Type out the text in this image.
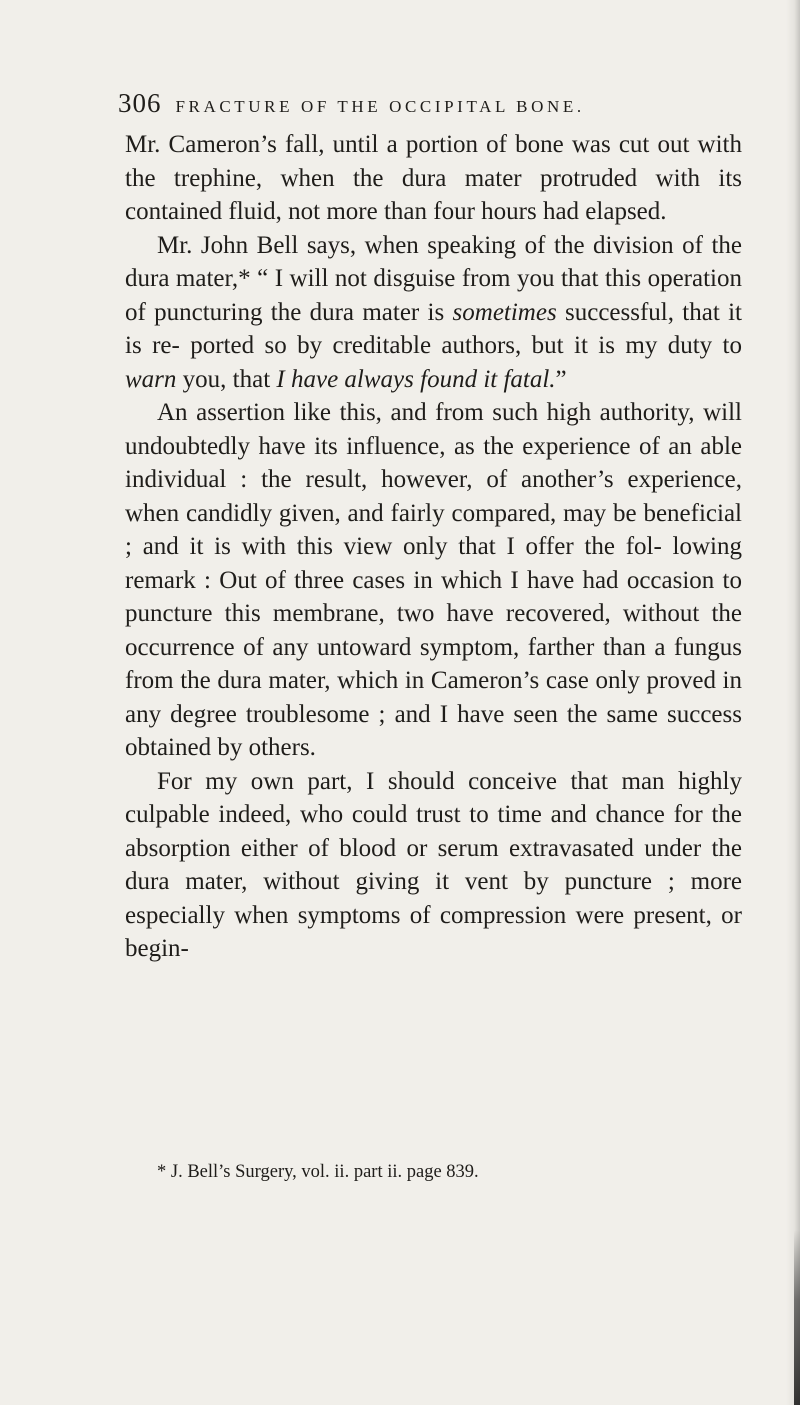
306 FRACTURE OF THE OCCIPITAL BONE.

Mr. Cameron’s fall, until a portion of bone was cut out with the trephine, when the dura mater protruded with its contained fluid, not more than four hours had elapsed.

Mr. John Bell says, when speaking of the division of the dura mater,* “ I will not disguise from you that this operation of puncturing the dura mater is sometimes successful, that it is re- ported so by creditable authors, but it is my duty to warn you, that I have always found it fatal.”

An assertion like this, and from such high authority, will undoubtedly have its influence, as the experience of an able individual : the result, however, of another’s experience, when candidly given, and fairly compared, may be beneficial ; and it is with this view only that I offer the fol- lowing remark : Out of three cases in which I have had occasion to puncture this membrane, two have recovered, without the occurrence of any untoward symptom, farther than a fungus from the dura mater, which in Cameron’s case only proved in any degree troublesome ; and I have seen the same success obtained by others.

For my own part, I should conceive that man highly culpable indeed, who could trust to time and chance for the absorption either of blood or serum extravasated under the dura mater, without giving it vent by puncture ; more especially when symptoms of compression were present, or begin-

* J. Bell’s Surgery, vol. ii. part ii. page 839.
